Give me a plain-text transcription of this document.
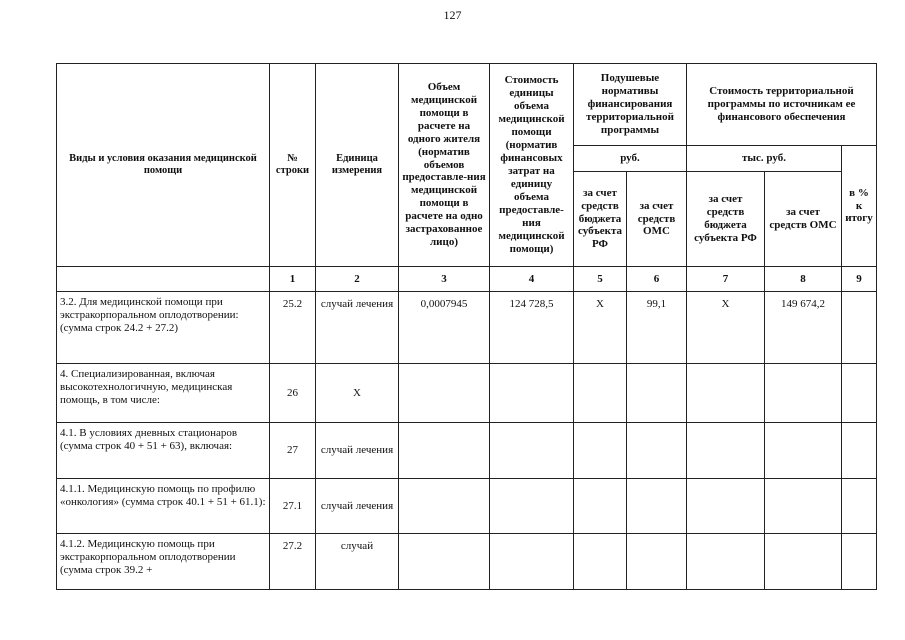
127
Виды и условия оказания медицинской помощи	№ строки	Единица измерения	Объем медицинской помощи в расчете на одного жителя (норматив объемов предоставле-ния медицинской помощи в расчете на одно застрахованное лицо)	Стоимость единицы объема медицинской помощи (норматив финансовых затрат на единицу объема предоставле-ния медицинской помощи)	Подушевые нормативы финансирования территориальной программы		Стоимость территориальной программы по источникам ее финансового обеспечения		
					руб.		тыс. руб.		в % к итогу
					за счет средств бюджета субъекта РФ	за счет средств ОМС	за счет средств бюджета субъекта РФ	за счет средств ОМС	
	1	2	3	4	5	6	7	8	9
3.2. Для медицинской помощи при экстракорпоральном оплодотворении: (сумма строк 24.2 + 27.2)	25.2	случай лечения	0,0007945	124 728,5	Х	99,1	Х	149 674,2	
4. Специализированная, включая высокотехнологичную, медицинская помощь, в том числе:	26	Х							
4.1. В условиях дневных стационаров (сумма строк 40 + 51 + 63), включая:	27	случай лечения							
4.1.1. Медицинскую помощь по профилю «онкология» (сумма строк 40.1 + 51 + 61.1):	27.1	случай лечения							
4.1.2. Медицинскую помощь при экстракорпоральном оплодотворении (сумма строк 39.2 +	27.2	случай							
